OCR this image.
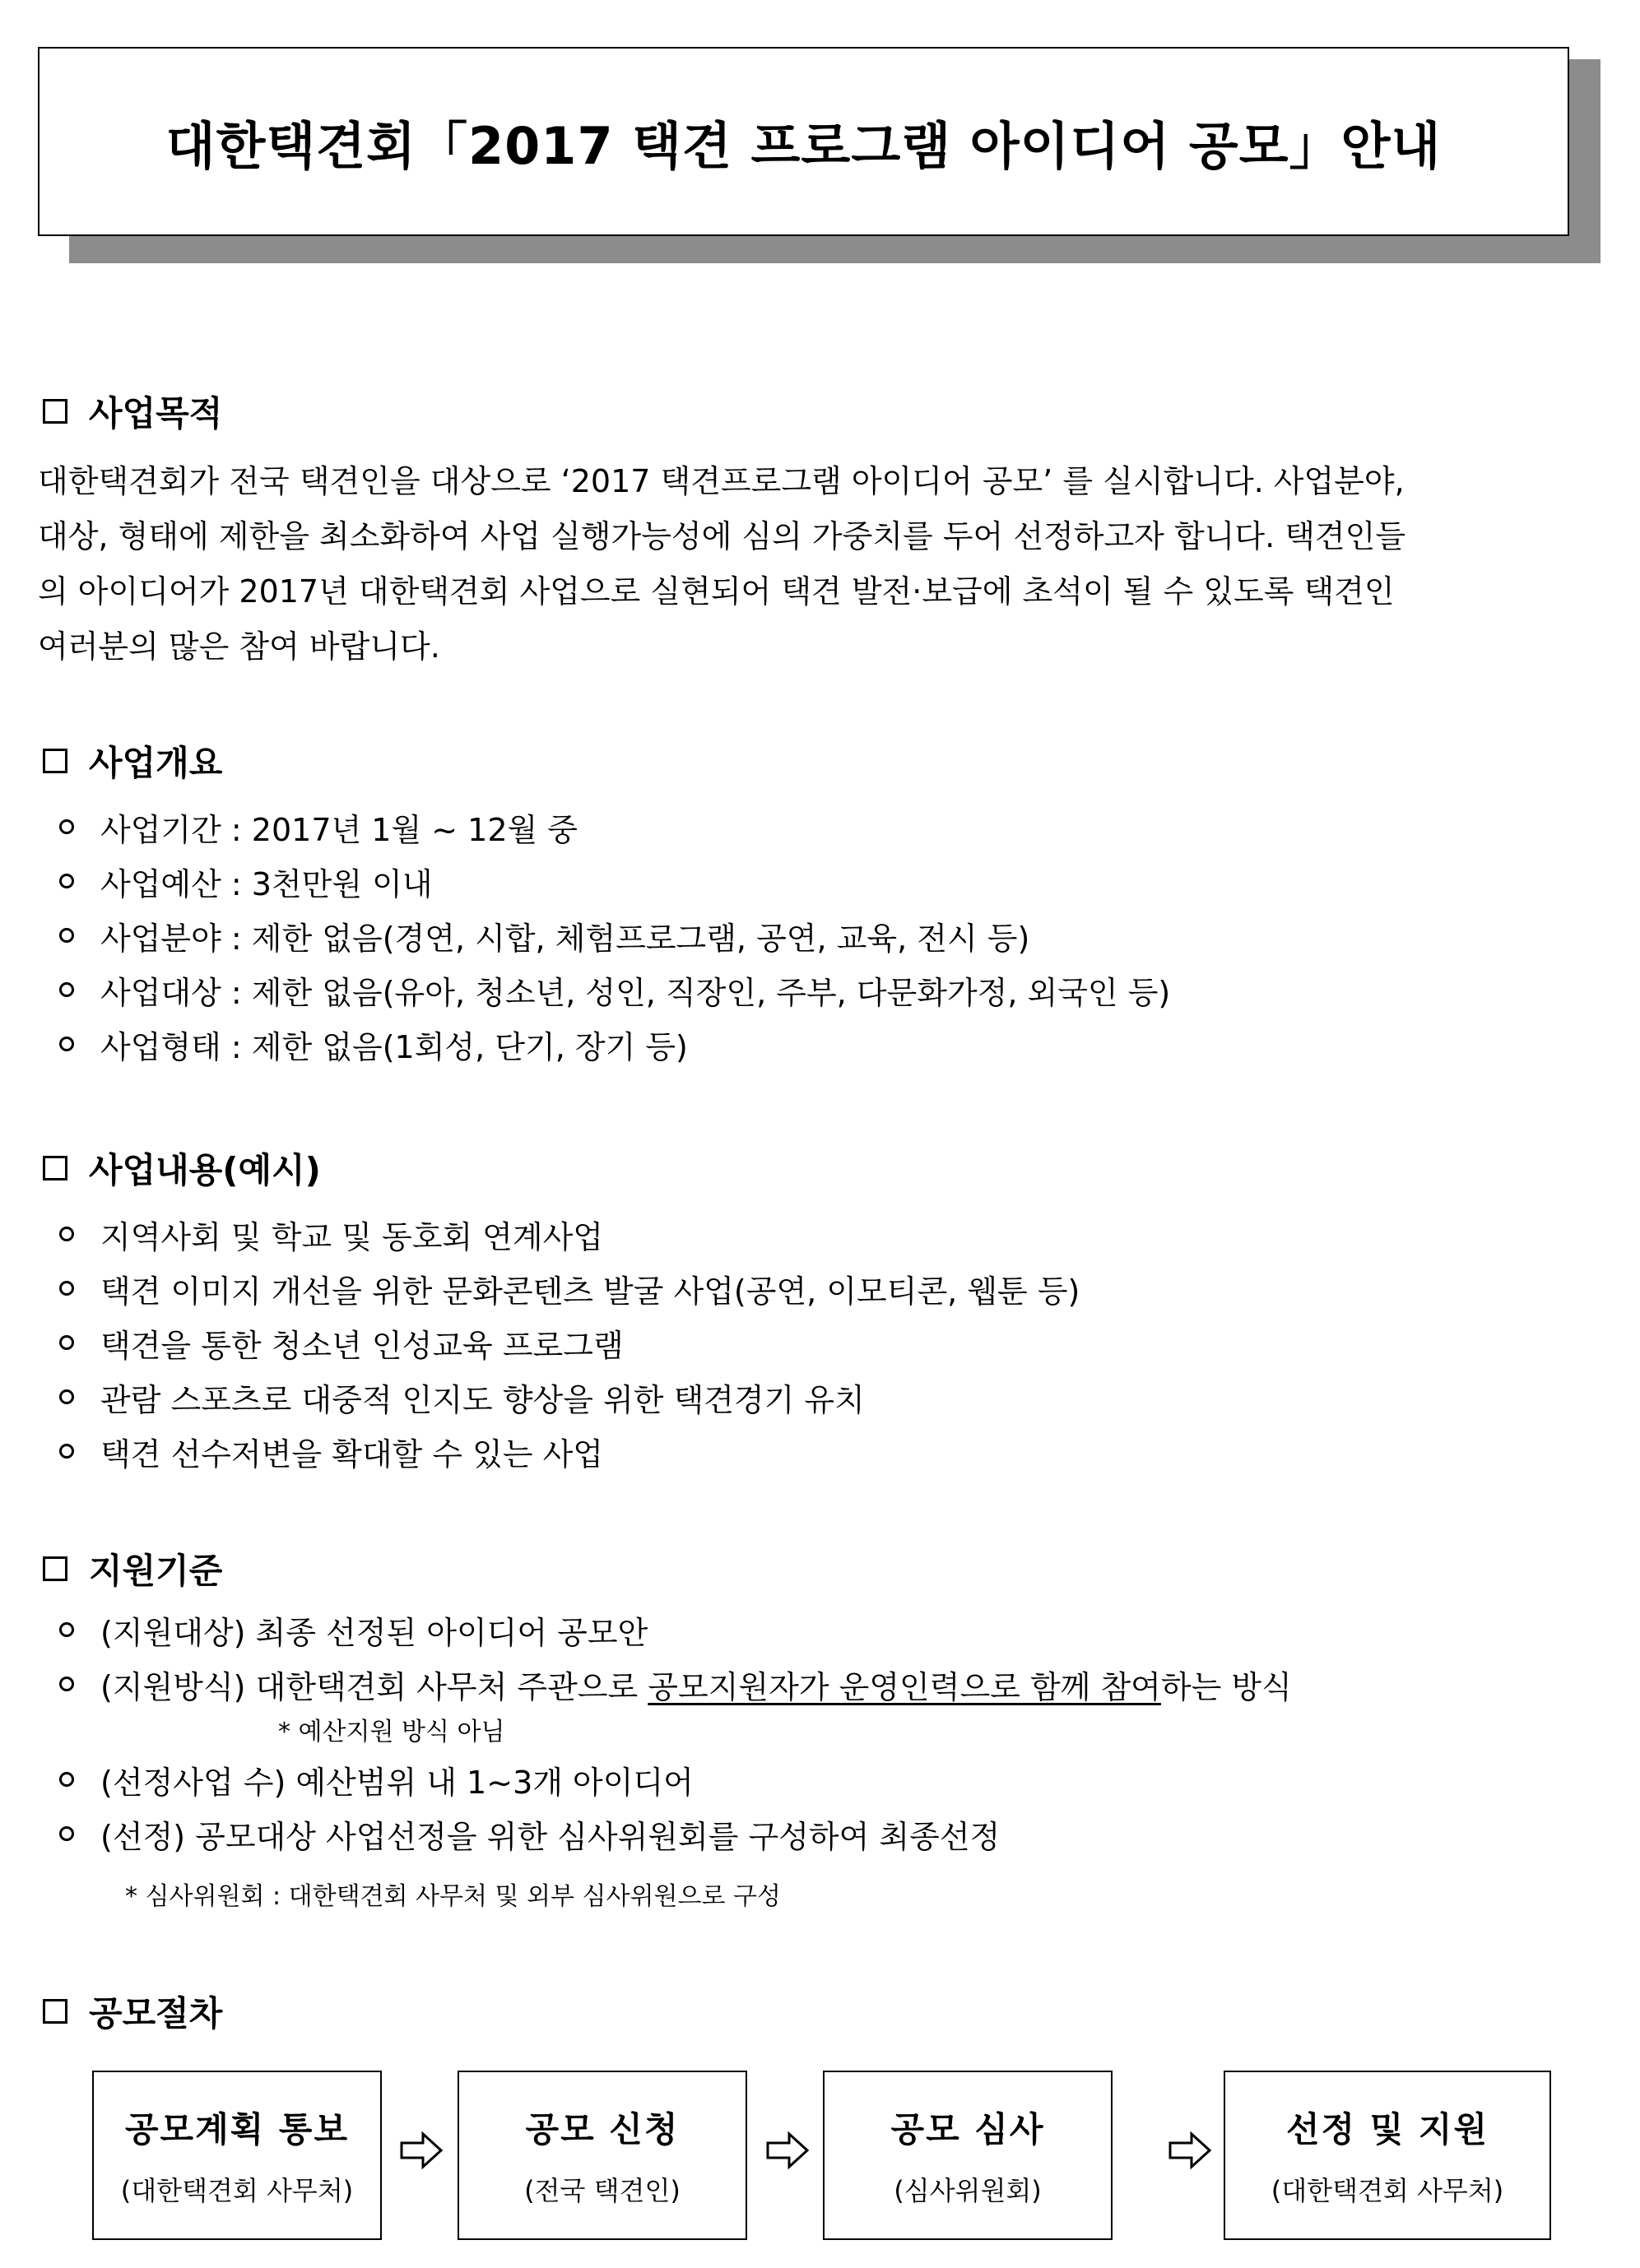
대한택견회「2017 택견 프로그램 아이디어 공모」안내
사업목적
대한택견회가 전국 택견인을 대상으로 ‘2017 택견프로그램 아이디어 공모’ 를 실시합니다. 사업분야,
대상, 형태에 제한을 최소화하여 사업 실행가능성에 심의 가중치를 두어 선정하고자 합니다. 택견인들
의 아이디어가 2017년 대한택견회 사업으로 실현되어 택견 발전·보급에 초석이 될 수 있도록 택견인
여러분의 많은 참여 바랍니다.
사업개요
사업기간 : 2017년 1월 ~ 12월 중
사업예산 : 3천만원 이내
사업분야 : 제한 없음(경연, 시합, 체험프로그램, 공연, 교육, 전시 등)
사업대상 : 제한 없음(유아, 청소년, 성인, 직장인, 주부, 다문화가정, 외국인 등)
사업형태 : 제한 없음(1회성, 단기, 장기 등)
사업내용(예시)
지역사회 및 학교 및 동호회 연계사업
택견 이미지 개선을 위한 문화콘텐츠 발굴 사업(공연, 이모티콘, 웹툰 등)
택견을 통한 청소년 인성교육 프로그램
관람 스포츠로 대중적 인지도 향상을 위한 택견경기 유치
택견 선수저변을 확대할 수 있는 사업
지원기준
(지원대상) 최종 선정된 아이디어 공모안
(지원방식) 대한택견회 사무처 주관으로 공모지원자가 운영인력으로 함께 참여 하는 방식
* 예산지원 방식 아님
(선정사업 수) 예산범위 내 1~3개 아이디어
(선정) 공모대상 사업선정을 위한 심사위원회를 구성하여 최종선정
* 심사위원회 : 대한택견회 사무처 및 외부 심사위원으로 구성
공모절차
공모계획 통보
(대한택견회 사무처)
공모 신청
(전국 택견인)
공모 심사
(심사위원회)
선정 및 지원
(대한택견회 사무처)
